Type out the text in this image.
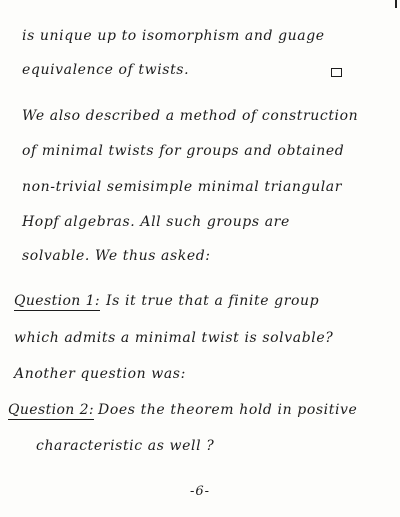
is unique up to isomorphism and guage
equivalence of twists.
We also described a method of construction
of minimal twists for groups and obtained
non-trivial semisimple minimal triangular
Hopf algebras. All such groups are
solvable. We thus asked:
Question 1: Is it true that a finite group
which admits a minimal twist is solvable?
Another question was:
Question 2: Does the theorem hold in positive
characteristic as well ?
-6-
